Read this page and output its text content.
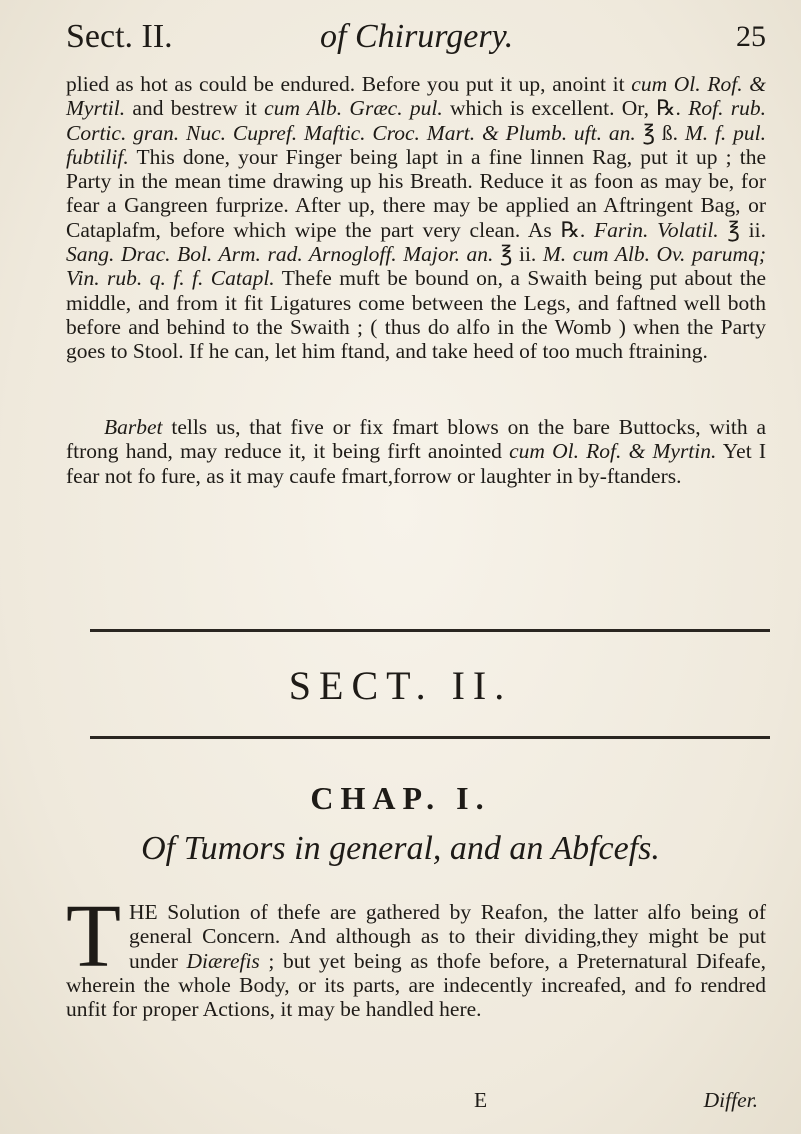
Sect. II.	of Chirurgery.	25

plied as hot as could be endured. Before you put it up, anoint it cum Ol. Rof. & Myrtil. and bestrew it cum Alb. Græc. pul. which is excellent. Or, ℞. Rof. rub. Cortic. gran. Nuc. Cupref. Maftic. Croc. Mart. & Plumb. uft. an. ℥ ß. M. f. pul. fubtilif. This done, your Finger being lapt in a fine linnen Rag, put it up ; the Party in the mean time drawing up his Breath. Reduce it as foon as may be, for fear a Gangreen furprize. After up, there may be applied an Aftringent Bag, or Cataplafm, before which wipe the part very clean. As ℞. Farin. Volatil. ℥ ii. Sang. Drac. Bol. Arm. rad. Arnogloff. Major. an. ℥ ii. M. cum Alb. Ov. parumq; Vin. rub. q. f. f. Catapl. Thefe muft be bound on, a Swaith being put about the middle, and from it fit Ligatures come between the Legs, and faftned well both before and behind to the Swaith ; ( thus do alfo in the Womb ) when the Party goes to Stool. If he can, let him ftand, and take heed of too much ftraining.

Barbet tells us, that five or fix fmart blows on the bare Buttocks, with a ftrong hand, may reduce it, it being firft anointed cum Ol. Rof. & Myrtin. Yet I fear not fo fure, as it may caufe fmart,forrow or laughter in by-ftanders.

SECT. II.
CHAP. I.
Of Tumors in general, and an Abfcefs.
THE Solution of thefe are gathered by Reafon, the latter alfo being of general Concern. And although as to their dividing,they might be put under Diærefis ; but yet being as thofe before, a Preternatural Difeafe, wherein the whole Body, or its parts, are indecently increafed, and fo rendred unfit for proper Actions, it may be handled here.
E	Differ.
